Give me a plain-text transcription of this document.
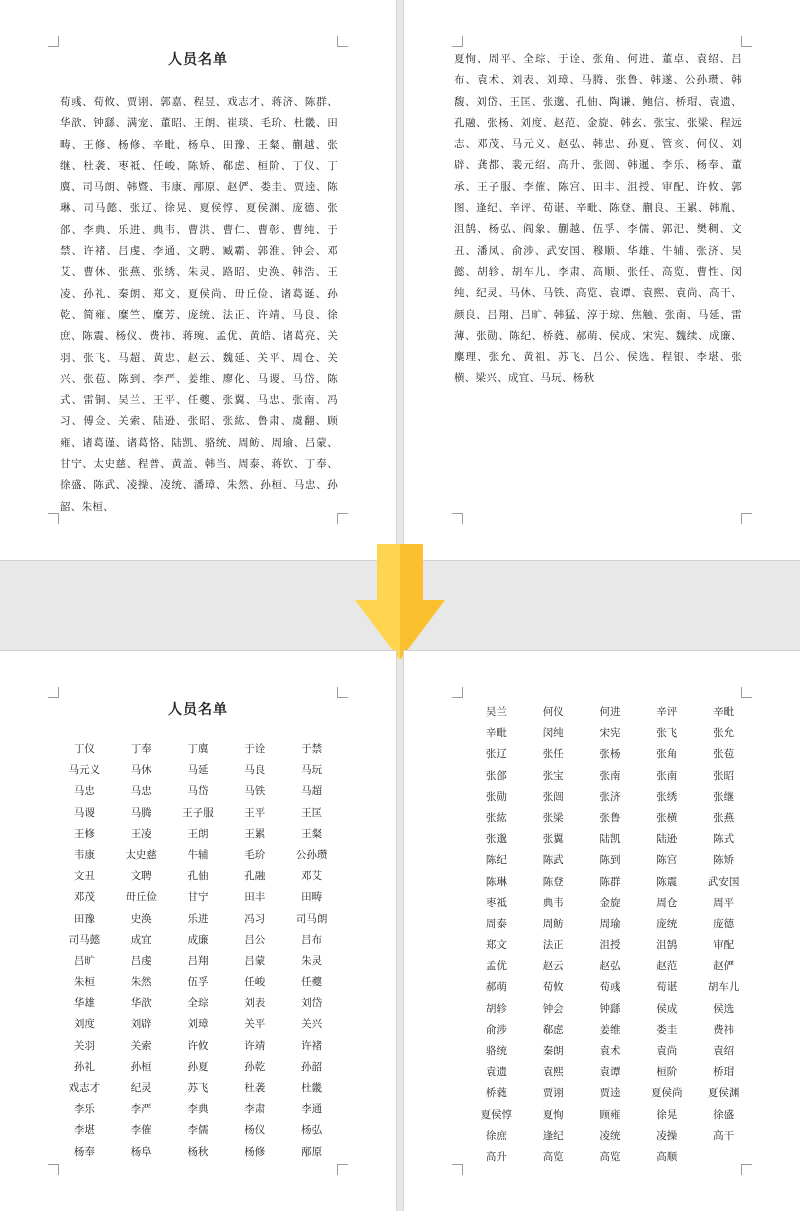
人员名单
荀彧、荀攸、贾诩、郭嘉、程昱、戏志才、蒋济、陈群、华歆、钟繇、满宠、董昭、王朗、崔琰、毛玠、杜畿、田畴、王修、杨修、辛毗、杨阜、田豫、王粲、蒯越、张继、杜袭、枣祗、任峻、陈矫、郗虑、桓阶、丁仪、丁廙、司马朗、韩暨、韦康、邴原、赵俨、娄圭、贾逵、陈琳、司马懿、张辽、徐晃、夏侯惇、夏侯渊、庞德、张郃、李典、乐进、典韦、曹洪、曹仁、曹彰、曹纯、于禁、许褚、吕虔、李通、文聘、臧霸、郭淮、钟会、邓艾、曹休、张燕、张绣、朱灵、路昭、史涣、韩浩、王凌、孙礼、秦朗、郑文、夏侯尚、毌丘俭、诸葛诞、孙乾、简雍、糜竺、糜芳、庞统、法正、许靖、马良、徐庶、陈震、杨仪、费祎、蒋琬、孟优、黄皓、诸葛亮、关羽、张飞、马超、黄忠、赵云、魏延、关平、周仓、关兴、张苞、陈到、李严、姜维、廖化、马谡、马岱、陈式、雷铜、吴兰、王平、任夔、张翼、马忠、张南、冯习、傅佥、关索、陆逊、张昭、张紘、鲁肃、虞翻、顾雍、诸葛谨、诸葛恪、陆凯、骆统、周鲂、周瑜、吕蒙、甘宁、太史慈、程普、黄盖、韩当、周泰、蒋钦、丁奉、徐盛、陈武、凌操、凌统、潘璋、朱然、孙桓、马忠、孙韶、朱桓、
夏恂、周平、全琮、于诠、张角、何进、董卓、袁绍、吕布、袁术、刘表、刘璋、马腾、张鲁、韩遂、公孙瓒、韩馥、刘岱、王匡、张邈、孔伷、陶谦、鲍信、桥瑁、袁遗、孔融、张杨、刘度、赵范、金旋、韩玄、张宝、张梁、程远志、邓茂、马元义、赵弘、韩忠、孙夏、管亥、何仪、刘辟、龚都、裴元绍、高升、张闿、韩暹、李乐、杨奉、董承、王子服、李傕、陈宫、田丰、沮授、审配、许攸、郭图、逢纪、辛评、荀谌、辛毗、陈登、蒯良、王累、韩胤、沮鹄、杨弘、阎象、蒯越、伍孚、李儒、郭汜、樊稠、文丑、潘凤、俞涉、武安国、穆顺、华雄、牛辅、张济、吴懿、胡轸、胡车儿、李肃、高顺、张任、高览、曹性、闵纯、纪灵、马休、马铁、高览、袁谭、袁熙、袁尚、高干、颜良、吕翔、吕旷、韩猛、淳于琼、焦触、张南、马延、雷薄、张勋、陈纪、桥蕤、郝萌、侯成、宋宪、魏续、成廉、麋理、张允、黄祖、苏飞、吕公、侯选、程银、李堪、张横、梁兴、成宜、马玩、杨秋
人员名单
丁仪	丁奉	丁廙	于诠	于禁
马元义	马休	马延	马良	马玩
马忠	马忠	马岱	马铁	马超
马谡	马腾	王子服	王平	王匡
王修	王凌	王朗	王累	王粲
韦康	太史慈	牛辅	毛玠	公孙瓒
文丑	文聘	孔伷	孔融	邓艾
邓茂	毌丘俭	甘宁	田丰	田畴
田豫	史涣	乐进	冯习	司马朗
司马懿	成宜	成廉	吕公	吕布
吕旷	吕虔	吕翔	吕蒙	朱灵
朱桓	朱然	伍孚	任峻	任夔
华雄	华歆	全琮	刘表	刘岱
刘度	刘辟	刘璋	关平	关兴
关羽	关索	许攸	许靖	许褚
孙礼	孙桓	孙夏	孙乾	孙韶
戏志才	纪灵	苏飞	杜袭	杜畿
李乐	李严	李典	李肃	李通
李堪	李傕	李儒	杨仪	杨弘
杨奉	杨阜	杨秋	杨修	邴原
吴兰	何仪	何进	辛评	辛毗
辛毗	闵纯	宋宪	张飞	张允
张辽	张任	张杨	张角	张苞
张郃	张宝	张南	张南	张昭
张勋	张闿	张济	张绣	张继
张紘	张梁	张鲁	张横	张燕
张邈	张翼	陆凯	陆逊	陈式
陈纪	陈武	陈到	陈宫	陈矫
陈琳	陈登	陈群	陈震	武安国
枣祗	典韦	金旋	周仓	周平
周泰	周鲂	周瑜	庞统	庞德
郑文	法正	沮授	沮鹄	审配
孟优	赵云	赵弘	赵范	赵俨
郝萌	荀攸	荀彧	荀谌	胡车儿
胡轸	钟会	钟繇	侯成	侯选
俞涉	郗虑	姜维	娄圭	费祎
骆统	秦朗	袁术	袁尚	袁绍
袁遗	袁熙	袁谭	桓阶	桥瑁
桥蕤	贾诩	贾逵	夏侯尚	夏侯渊
夏侯惇	夏恂	顾雍	徐晃	徐盛
徐庶	逢纪	凌统	凌操	高干
高升	高览	高览	高顺
